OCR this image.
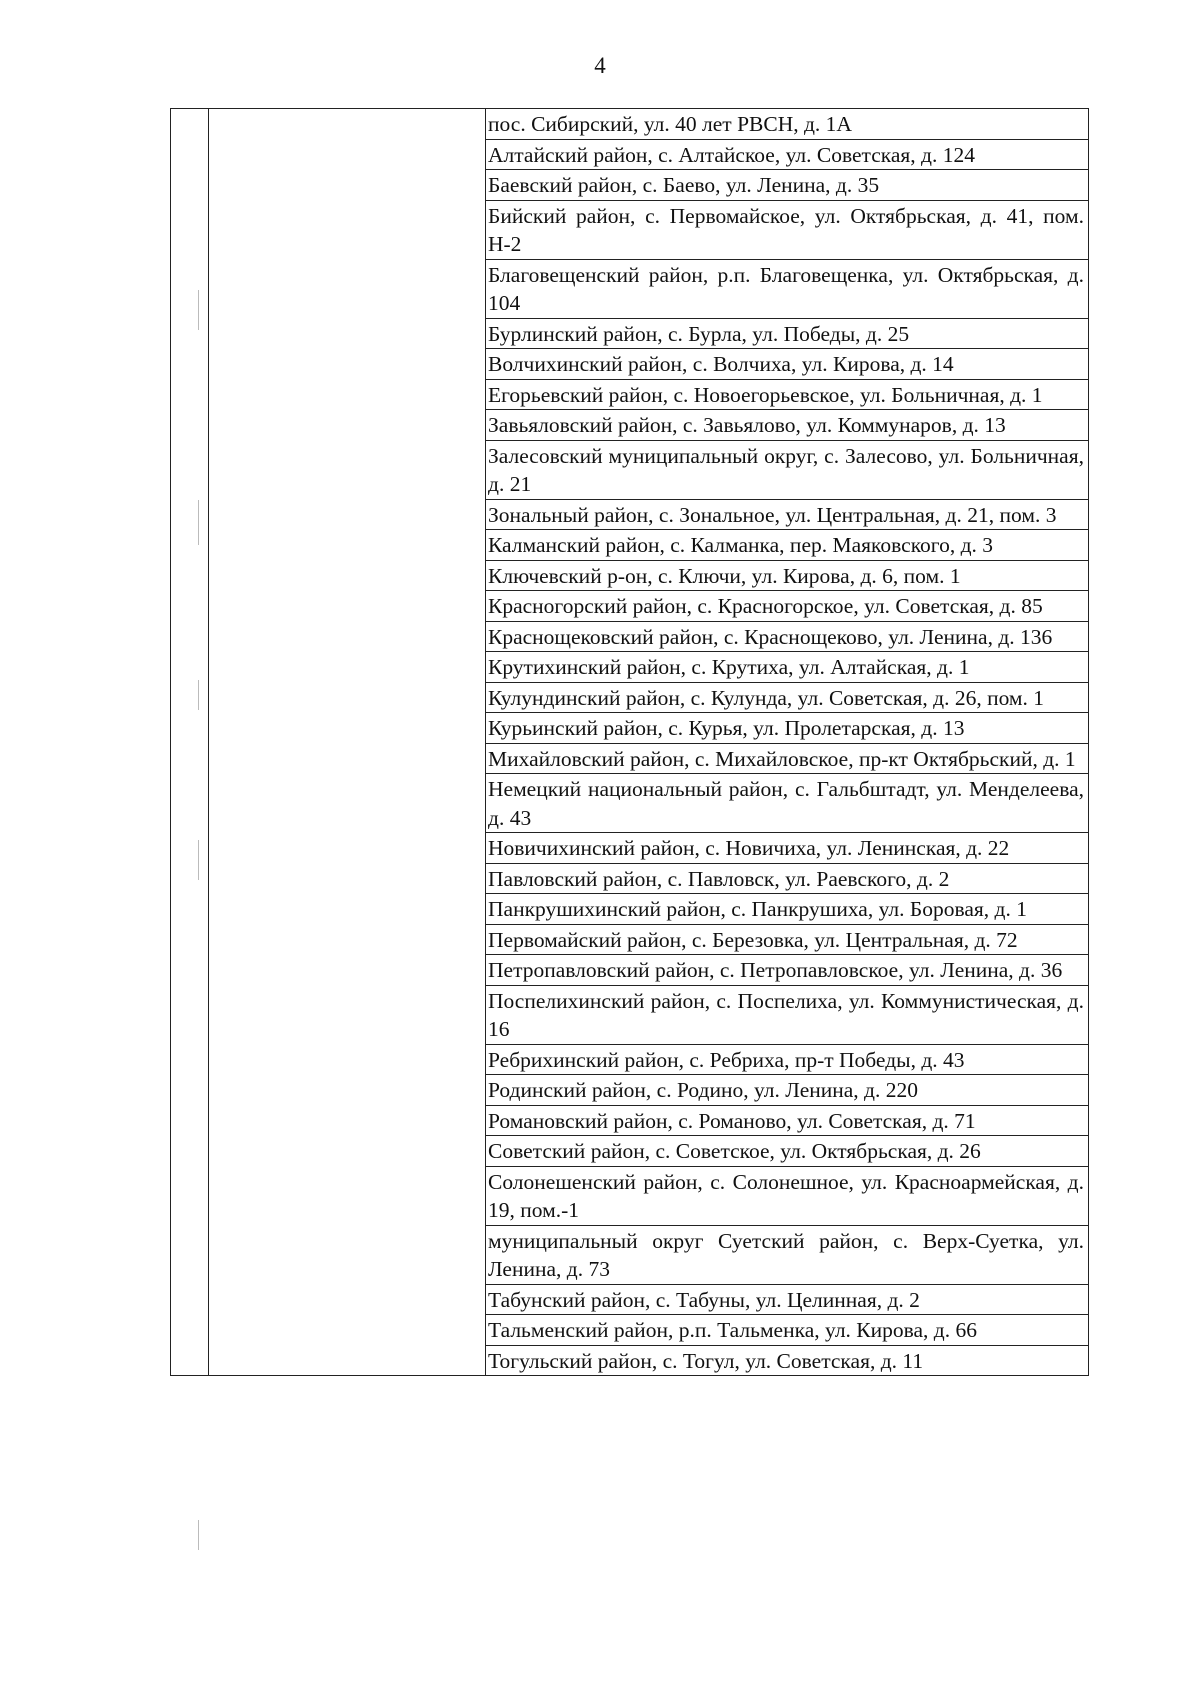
4
пос. Сибирский, ул. 40 лет РВСН, д. 1А
Алтайский район, с. Алтайское, ул. Советская, д. 124
Баевский район, с. Баево, ул. Ленина, д. 35
Бийский район, с. Первомайское, ул. Октябрьская, д. 41, пом. Н-2
Благовещенский район, р.п. Благовещенка, ул. Октябрьская, д. 104
Бурлинский район, с. Бурла, ул. Победы, д. 25
Волчихинский район, с. Волчиха, ул. Кирова, д. 14
Егорьевский район, с. Новоегорьевское, ул. Больничная, д. 1
Завьяловский район, с. Завьялово, ул. Коммунаров, д. 13
Залесовский муниципальный округ, с. Залесово, ул. Больничная, д. 21
Зональный район, с. Зональное, ул. Центральная, д. 21, пом. 3
Калманский район, с. Калманка, пер. Маяковского, д. 3
Ключевский р-он, с. Ключи, ул. Кирова, д. 6, пом. 1
Красногорский район, с. Красногорское, ул. Советская, д. 85
Краснощековский район, с. Краснощеково, ул. Ленина, д. 136
Крутихинский район, с. Крутиха, ул. Алтайская, д. 1
Кулундинский район, с. Кулунда, ул. Советская, д. 26, пом. 1
Курьинский район, с. Курья, ул. Пролетарская, д. 13
Михайловский район, с. Михайловское, пр-кт Октябрьский, д. 1
Немецкий национальный район, с. Гальбштадт, ул. Менделеева, д. 43
Новичихинский район, с. Новичиха, ул. Ленинская, д. 22
Павловский район, с. Павловск, ул. Раевского, д. 2
Панкрушихинский район, с. Панкрушиха, ул. Боровая, д. 1
Первомайский район, с. Березовка, ул. Центральная, д. 72
Петропавловский район, с. Петропавловское, ул. Ленина, д. 36
Поспелихинский район, с. Поспелиха, ул. Коммунистическая, д. 16
Ребрихинский район, с. Ребриха, пр-т Победы, д. 43
Родинский район, с. Родино, ул. Ленина, д. 220
Романовский район, с. Романово, ул. Советская, д. 71
Советский район, с. Советское, ул. Октябрьская, д. 26
Солонешенский район, с. Солонешное, ул. Красноармейская, д. 19, пом.-1
муниципальный округ Суетский район, с. Верх-Суетка, ул. Ленина, д. 73
Табунский район, с. Табуны, ул. Целинная, д. 2
Тальменский район, р.п. Тальменка, ул. Кирова, д. 66
Тогульский район, с. Тогул, ул. Советская, д. 11
